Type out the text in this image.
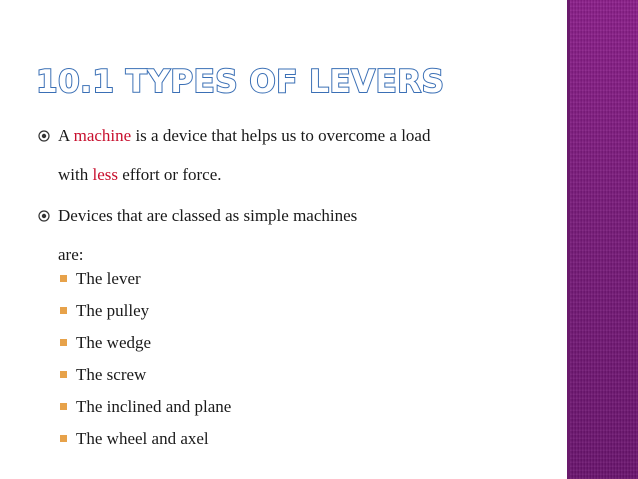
10.1 TYPES OF LEVERS
A machine is a device that helps us to overcome a load
with less effort or force.
Devices that are classed as simple machines
are:
The lever
The pulley
The wedge
The screw
The inclined and plane
The wheel and axel
